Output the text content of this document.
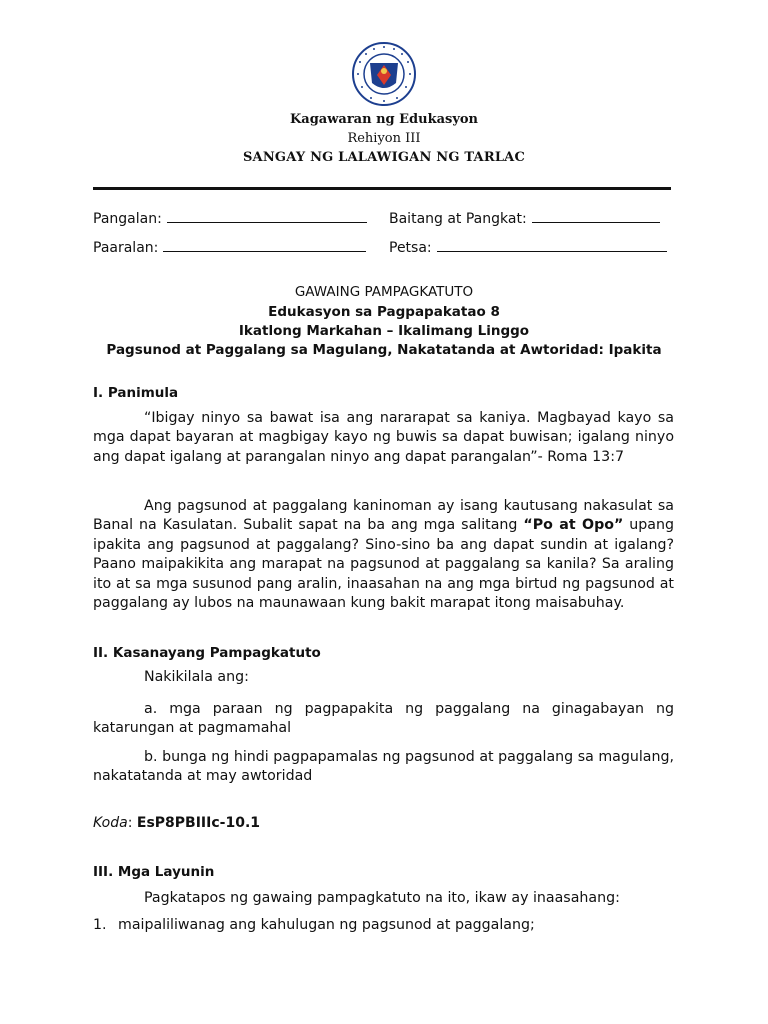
Kagawaran ng Edukasyon
Rehiyon III
SANGAY NG LALAWIGAN NG TARLAC
Pangalan:	Baitang at Pangkat:
Paaralan:	Petsa:
GAWAING PAMPAGKATUTO
Edukasyon sa Pagpapakatao 8
Ikatlong Markahan – Ikalimang Linggo
Pagsunod at Paggalang sa Magulang, Nakatatanda at Awtoridad: Ipakita
I. Panimula
“Ibigay ninyo sa bawat isa ang nararapat sa kaniya. Magbayad kayo sa mga dapat bayaran at magbigay kayo ng buwis sa dapat buwisan; igalang ninyo ang dapat igalang at parangalan ninyo ang dapat parangalan”- Roma 13:7
Ang pagsunod at paggalang kaninoman ay isang kautusang nakasulat sa Banal na Kasulatan. Subalit sapat na ba ang mga salitang “Po at Opo” upang ipakita ang pagsunod at paggalang? Sino-sino ba ang dapat sundin at igalang? Paano maipakikita ang marapat na pagsunod at paggalang sa kanila? Sa araling ito at sa mga susunod pang aralin, inaasahan na ang mga birtud ng pagsunod at paggalang ay lubos na maunawaan kung bakit marapat itong maisabuhay.
II. Kasanayang Pampagkatuto
Nakikilala ang:
a. mga paraan ng pagpapakita ng paggalang na ginagabayan ng katarungan at pagmamahal
b. bunga ng hindi pagpapamalas ng pagsunod at paggalang sa magulang, nakatatanda at may awtoridad
Koda: EsP8PBIIIc-10.1
III. Mga Layunin
Pagkatapos ng gawaing pampagkatuto na ito, ikaw ay inaasahang:
1. maipaliliwanag ang kahulugan ng pagsunod at paggalang;
